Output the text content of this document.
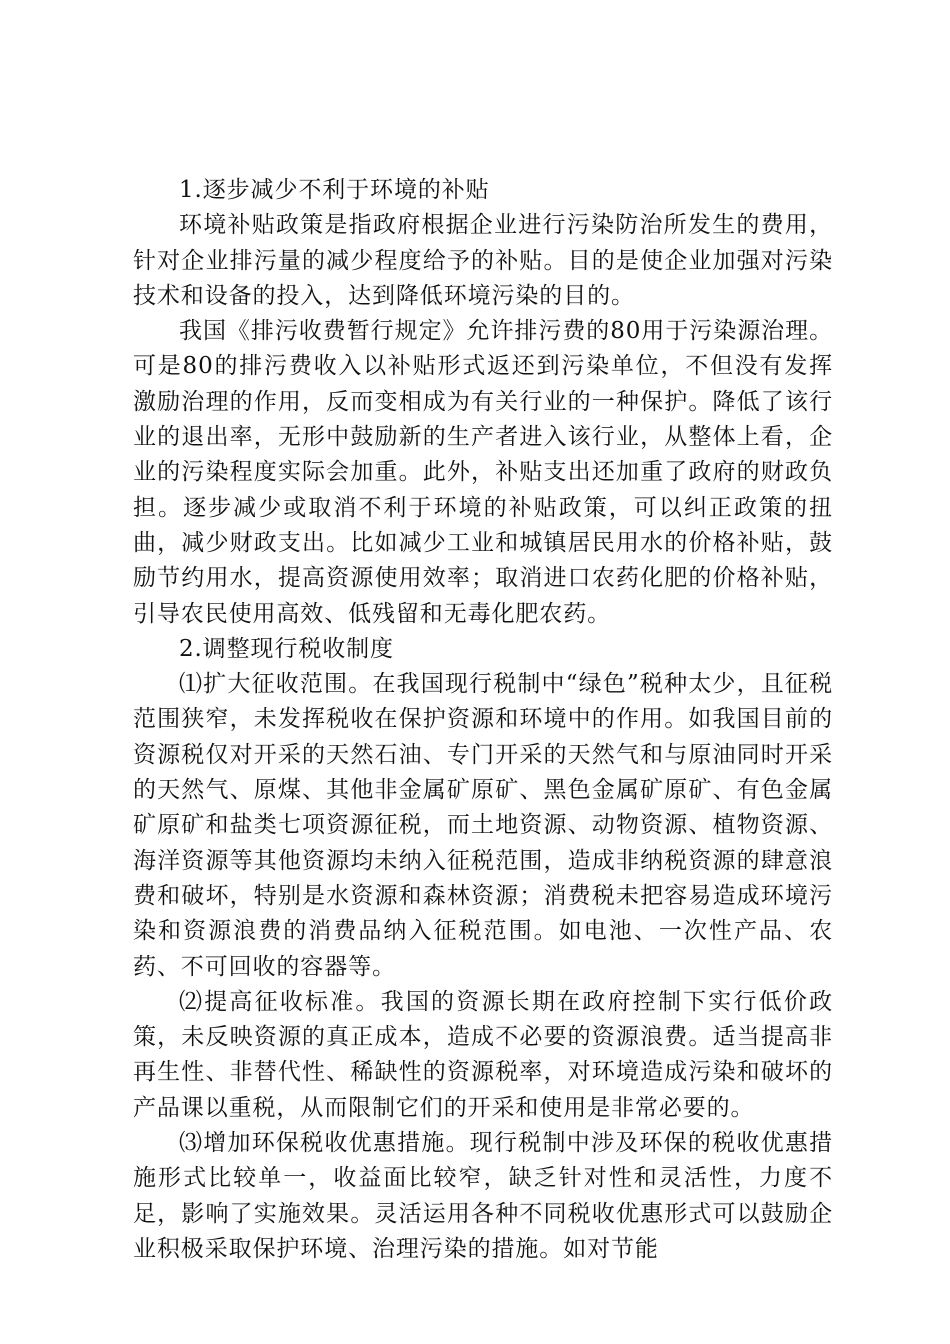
1.逐步减少不利于环境的补贴

环境补贴政策是指政府根据企业进行污染防治所发生的费用，针对企业排污量的减少程度给予的补贴。目的是使企业加强对污染技术和设备的投入，达到降低环境污染的目的。

我国《排污收费暂行规定》允许排污费的80用于污染源治理。可是80的排污费收入以补贴形式返还到污染单位，不但没有发挥激励治理的作用，反而变相成为有关行业的一种保护。降低了该行业的退出率，无形中鼓励新的生产者进入该行业，从整体上看，企业的污染程度实际会加重。此外，补贴支出还加重了政府的财政负担。逐步减少或取消不利于环境的补贴政策，可以纠正政策的扭曲，减少财政支出。比如减少工业和城镇居民用水的价格补贴，鼓励节约用水，提高资源使用效率；取消进口农药化肥的价格补贴，引导农民使用高效、低残留和无毒化肥农药。

2.调整现行税收制度

⑴扩大征收范围。在我国现行税制中“绿色”税种太少，且征税范围狭窄，未发挥税收在保护资源和环境中的作用。如我国目前的资源税仅对开采的天然石油、专门开采的天然气和与原油同时开采的天然气、原煤、其他非金属矿原矿、黑色金属矿原矿、有色金属矿原矿和盐类七项资源征税，而土地资源、动物资源、植物资源、海洋资源等其他资源均未纳入征税范围，造成非纳税资源的肆意浪费和破坏，特别是水资源和森林资源；消费税未把容易造成环境污染和资源浪费的消费品纳入征税范围。如电池、一次性产品、农药、不可回收的容器等。

⑵提高征收标准。我国的资源长期在政府控制下实行低价政策，未反映资源的真正成本，造成不必要的资源浪费。适当提高非再生性、非替代性、稀缺性的资源税率，对环境造成污染和破坏的产品课以重税，从而限制它们的开采和使用是非常必要的。

⑶增加环保税收优惠措施。现行税制中涉及环保的税收优惠措施形式比较单一，收益面比较窄，缺乏针对性和灵活性，力度不足，影响了实施效果。灵活运用各种不同税收优惠形式可以鼓励企业积极采取保护环境、治理污染的措施。如对节能
